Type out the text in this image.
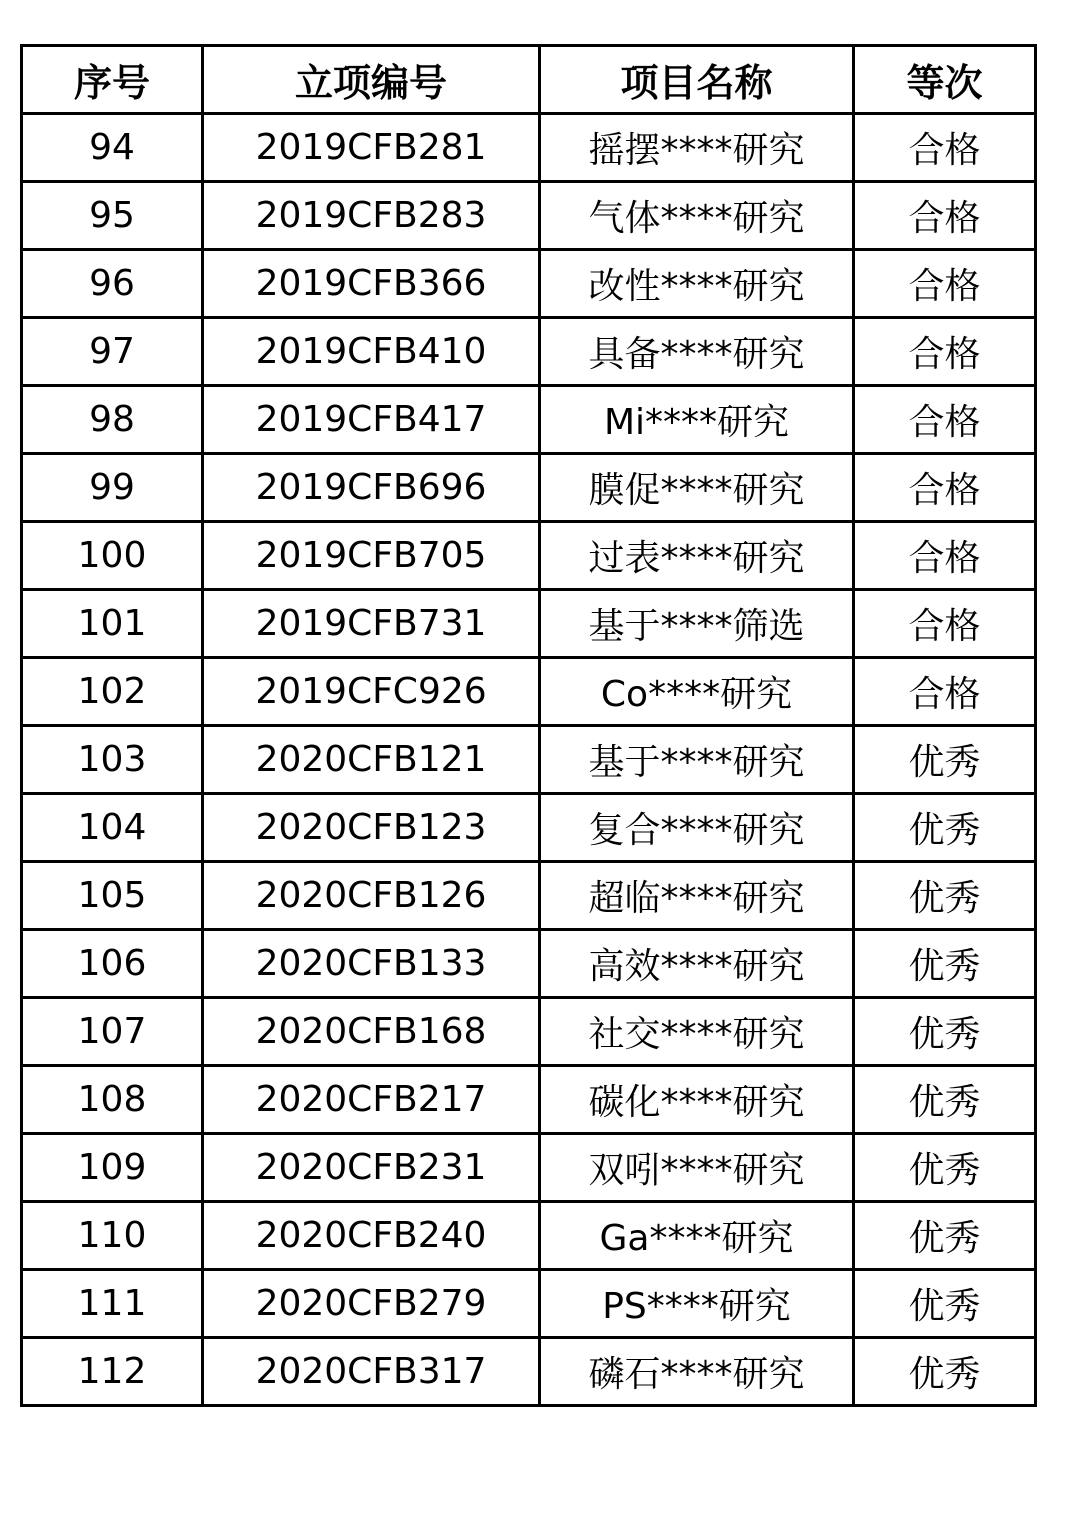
序号	立项编号	项目名称	等次
94	2019CFB281	摇摆****研究	合格
95	2019CFB283	气体****研究	合格
96	2019CFB366	改性****研究	合格
97	2019CFB410	具备****研究	合格
98	2019CFB417	Mi****研究	合格
99	2019CFB696	膜促****研究	合格
100	2019CFB705	过表****研究	合格
101	2019CFB731	基于****筛选	合格
102	2019CFC926	Co****研究	合格
103	2020CFB121	基于****研究	优秀
104	2020CFB123	复合****研究	优秀
105	2020CFB126	超临****研究	优秀
106	2020CFB133	高效****研究	优秀
107	2020CFB168	社交****研究	优秀
108	2020CFB217	碳化****研究	优秀
109	2020CFB231	双吲****研究	优秀
110	2020CFB240	Ga****研究	优秀
111	2020CFB279	PS****研究	优秀
112	2020CFB317	磷石****研究	优秀
